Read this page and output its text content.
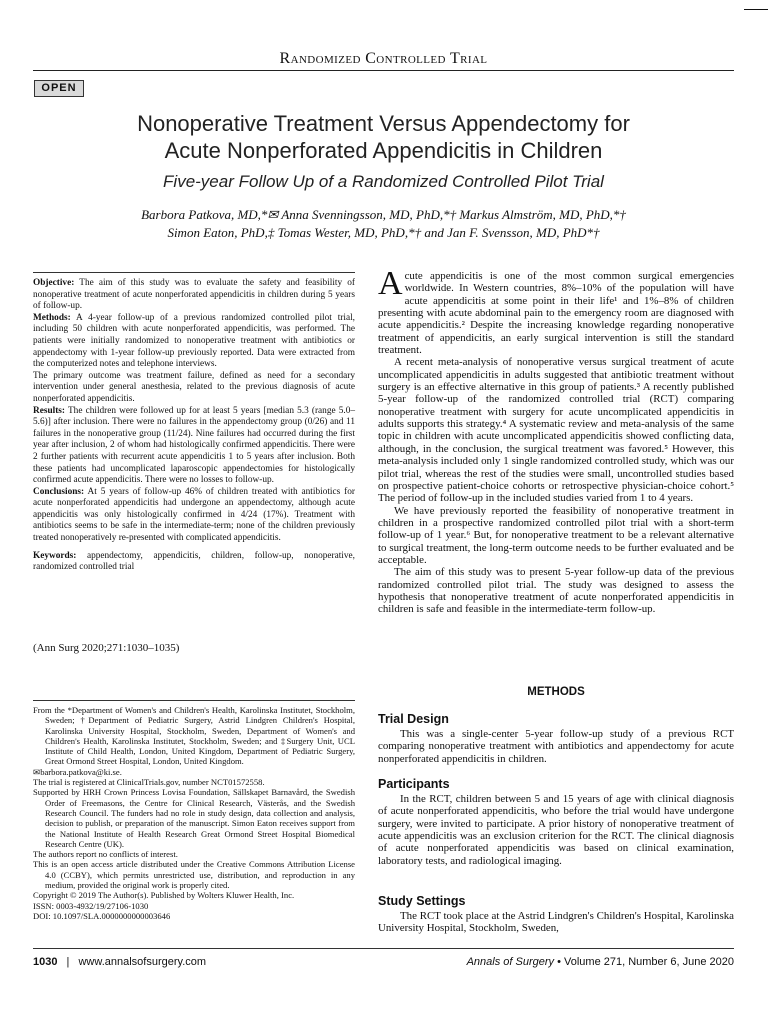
Randomized Controlled Trial
OPEN
Nonoperative Treatment Versus Appendectomy for
Acute Nonperforated Appendicitis in Children
Five-year Follow Up of a Randomized Controlled Pilot Trial
Barbora Patkova, MD,*✉ Anna Svenningsson, MD, PhD,*† Markus Almström, MD, PhD,*†
Simon Eaton, PhD,‡ Tomas Wester, MD, PhD,*† and Jan F. Svensson, MD, PhD*†

Objective: The aim of this study was to evaluate the safety and feasibility of nonoperative treatment of acute nonperforated appendicitis in children during 5 years of follow-up.

Methods: A 4-year follow-up of a previous randomized controlled pilot trial, including 50 children with acute nonperforated appendicitis, was performed. The patients were initially randomized to nonoperative treatment with antibiotics or appendectomy with 1-year follow-up previously reported. Data were extracted from the computerized notes and telephone interviews.

The primary outcome was treatment failure, defined as need for a secondary intervention under general anesthesia, related to the previous diagnosis of acute nonperforated appendicitis.

Results: The children were followed up for at least 5 years [median 5.3 (range 5.0–5.6)] after inclusion. There were no failures in the appendectomy group (0/26) and 11 failures in the nonoperative group (11/24). Nine failures had occurred during the first year after inclusion, 2 of whom had histologically confirmed appendicitis. There were 2 further patients with recurrent acute appendicitis 1 to 5 years after inclusion. Both these patients had uncomplicated laparoscopic appendectomies for histologically confirmed acute appendicitis. There were no losses to follow-up.

Conclusions: At 5 years of follow-up 46% of children treated with antibiotics for acute nonperforated appendicitis had undergone an appendectomy, although acute appendicitis was only histologically confirmed in 4/24 (17%). Treatment with antibiotics seems to be safe in the intermediate-term; none of the children previously treated nonoperatively re-presented with complicated appendicitis.

Keywords: appendectomy, appendicitis, children, follow-up, nonoperative, randomized controlled trial

(Ann Surg 2020;271:1030–1035)

From the *Department of Women's and Children's Health, Karolinska Institutet, Stockholm, Sweden; †Department of Pediatric Surgery, Astrid Lindgren Children's Hospital, Karolinska University Hospital, Stockholm, Sweden, Department of Women's and Children's Health, Karolinska Institutet, Stockholm, Sweden; and ‡Surgery Unit, UCL Institute of Child Health, London, United Kingdom, Department of Pediatric Surgery, Great Ormond Street Hospital, London, United Kingdom.

✉barbora.patkova@ki.se.

The trial is registered at ClinicalTrials.gov, number NCT01572558.

Supported by HRH Crown Princess Lovisa Foundation, Sällskapet Barnavård, the Swedish Order of Freemasons, the Centre for Clinical Research, Västerås, and the Swedish Research Council. The funders had no role in study design, data collection and analysis, decision to publish, or preparation of the manuscript. Simon Eaton receives support from the National Institute of Health Research Great Ormond Street Hospital Biomedical Research Centre (UK).

The authors report no conflicts of interest.

This is an open access article distributed under the Creative Commons Attribution License 4.0 (CCBY), which permits unrestricted use, distribution, and reproduction in any medium, provided the original work is properly cited.

Copyright © 2019 The Author(s). Published by Wolters Kluwer Health, Inc.

ISSN: 0003-4932/19/27106-1030

DOI: 10.1097/SLA.0000000000003646

Acute appendicitis is one of the most common surgical emergencies worldwide. In Western countries, 8%–10% of the population will have acute appendicitis at some point in their life¹ and 1%–8% of children presenting with acute abdominal pain to the emergency room are diagnosed with acute appendicitis.² Despite the increasing knowledge regarding nonoperative treatment of appendicitis, an early surgical intervention is still the standard treatment.

A recent meta-analysis of nonoperative versus surgical treatment of acute uncomplicated appendicitis in adults suggested that antibiotic treatment without surgery is an effective alternative in this group of patients.³ A recently published 5-year follow-up of the randomized controlled trial (RCT) comparing nonoperative treatment with surgery for acute uncomplicated appendicitis in adults supports this strategy.⁴ A systematic review and meta-analysis of the same topic in children with acute uncomplicated appendicitis showed conflicting data, although, in the conclusion, the surgical treatment was favored.⁵ However, this meta-analysis included only 1 single randomized controlled study, which was our pilot trial, whereas the rest of the studies were small, uncontrolled studies based on prospective patient-choice cohorts or retrospective physician-choice cohort.⁵ The period of follow-up in the included studies varied from 1 to 4 years.

We have previously reported the feasibility of nonoperative treatment in children in a prospective randomized controlled pilot trial with a short-term follow-up of 1 year.⁶ But, for nonoperative treatment to be a relevant alternative to surgical treatment, the long-term outcome needs to be further evaluated and be acceptable.

The aim of this study was to present 5-year follow-up data of the previous randomized controlled pilot trial. The study was designed to assess the hypothesis that nonoperative treatment of acute nonperforated appendicitis in children is safe and feasible in the intermediate-term follow-up.

METHODS
Trial Design

This was a single-center 5-year follow-up study of a previous RCT comparing nonoperative treatment with antibiotics and appendectomy for acute nonperforated appendicitis in children.

Participants

In the RCT, children between 5 and 15 years of age with clinical diagnosis of acute nonperforated appendicitis, who before the trial would have undergone surgery, were invited to participate. A prior history of nonoperative treatment of acute appendicitis was an exclusion criterion for the RCT. The clinical diagnosis of acute nonperforated appendicitis was based on clinical examination, laboratory tests, and radiological imaging.

Study Settings

The RCT took place at the Astrid Lindgren's Children's Hospital, Karolinska University Hospital, Stockholm, Sweden,

1030 | www.annalsofsurgery.com	Annals of Surgery • Volume 271, Number 6, June 2020
